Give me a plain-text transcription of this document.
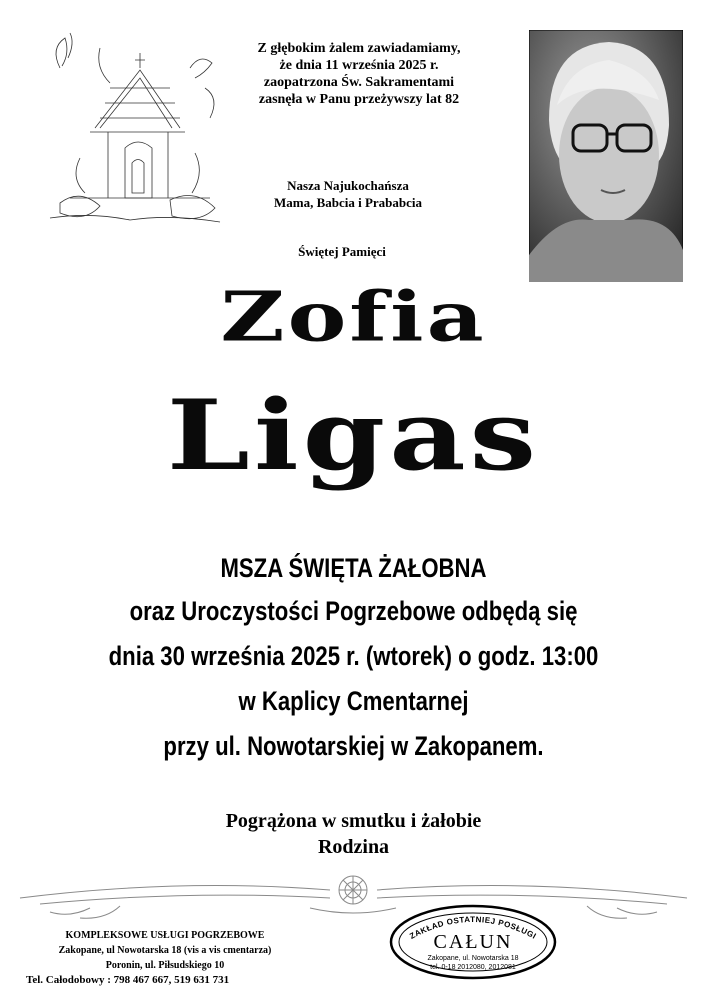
Z głębokim żalem zawiadamiamy,
że dnia 11 września 2025 r.
zaopatrzona Św. Sakramentami
zasnęła w Panu przeżywszy lat 82
Nasza Najukochańsza
Mama, Babcia i Prababcia
Świętej Pamięci
Zofia
Ligas
MSZA ŚWIĘTA ŻAŁOBNA
oraz Uroczystości Pogrzebowe odbędą się
dnia 30 września 2025 r. (wtorek) o godz. 13:00
w Kaplicy Cmentarnej
przy ul. Nowotarskiej w Zakopanem.
Pogrążona w smutku i żałobie
Rodzina
KOMPLEKSOWE USŁUGI POGRZEBOWE
Zakopane, ul Nowotarska 18 (vis a vis cmentarza)
Poronin, ul. Piłsudskiego 10
Tel. Całodobowy : 798 467 667, 519 631 731
ZAKŁAD OSTATNIEJ POSŁUGI
CAŁUN
Zakopane, ul. Nowotarska 18
tel. 0-18 2012080, 2012081
